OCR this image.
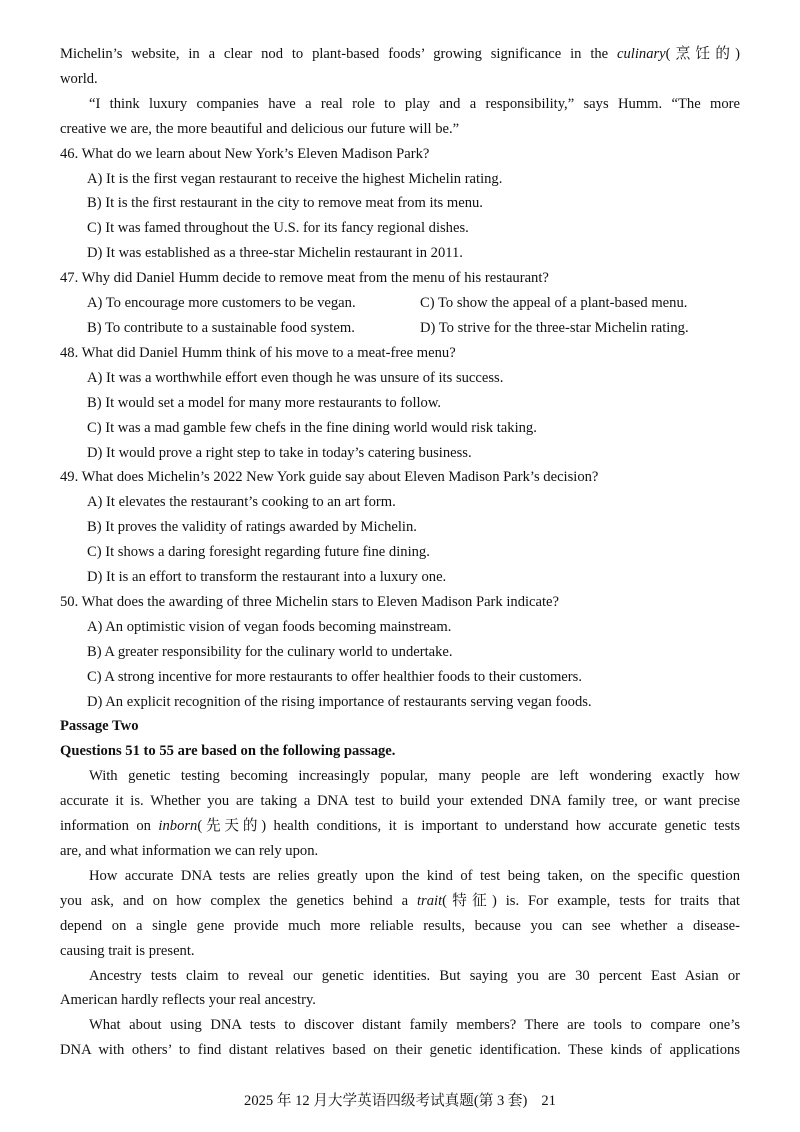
Michelin’s website, in a clear nod to plant-based foods’ growing significance in the culinary(烹饪的)

world.

“I think luxury companies have a real role to play and a responsibility,” says Humm. “The more

creative we are, the more beautiful and delicious our future will be.”

46. What do we learn about New York’s Eleven Madison Park?

A) It is the first vegan restaurant to receive the highest Michelin rating.

B) It is the first restaurant in the city to remove meat from its menu.

C) It was famed throughout the U.S. for its fancy regional dishes.

D) It was established as a three-star Michelin restaurant in 2011.

47. Why did Daniel Humm decide to remove meat from the menu of his restaurant?

A) To encourage more customers to be vegan.	C) To show the appeal of a plant-based menu.
B) To contribute to a sustainable food system.	D) To strive for the three-star Michelin rating.

48. What did Daniel Humm think of his move to a meat-free menu?

A) It was a worthwhile effort even though he was unsure of its success.

B) It would set a model for many more restaurants to follow.

C) It was a mad gamble few chefs in the fine dining world would risk taking.

D) It would prove a right step to take in today’s catering business.

49. What does Michelin’s 2022 New York guide say about Eleven Madison Park’s decision?

A) It elevates the restaurant’s cooking to an art form.

B) It proves the validity of ratings awarded by Michelin.

C) It shows a daring foresight regarding future fine dining.

D) It is an effort to transform the restaurant into a luxury one.

50. What does the awarding of three Michelin stars to Eleven Madison Park indicate?

A) An optimistic vision of vegan foods becoming mainstream.

B) A greater responsibility for the culinary world to undertake.

C) A strong incentive for more restaurants to offer healthier foods to their customers.

D) An explicit recognition of the rising importance of restaurants serving vegan foods.

Passage Two

Questions 51 to 55 are based on the following passage.

With genetic testing becoming increasingly popular, many people are left wondering exactly how

accurate it is. Whether you are taking a DNA test to build your extended DNA family tree, or want precise

information on inborn(先天的) health conditions, it is important to understand how accurate genetic tests

are, and what information we can rely upon.

How accurate DNA tests are relies greatly upon the kind of test being taken, on the specific question

you ask, and on how complex the genetics behind a trait(特征) is. For example, tests for traits that

depend on a single gene provide much more reliable results, because you can see whether a disease-

causing trait is present.

Ancestry tests claim to reveal our genetic identities. But saying you are 30 percent East Asian or

American hardly reflects your real ancestry.

What about using DNA tests to discover distant family members? There are tools to compare one’s

DNA with others’ to find distant relatives based on their genetic identification. These kinds of applications

2025 年 12 月大学英语四级考试真题(第 3 套) 21
